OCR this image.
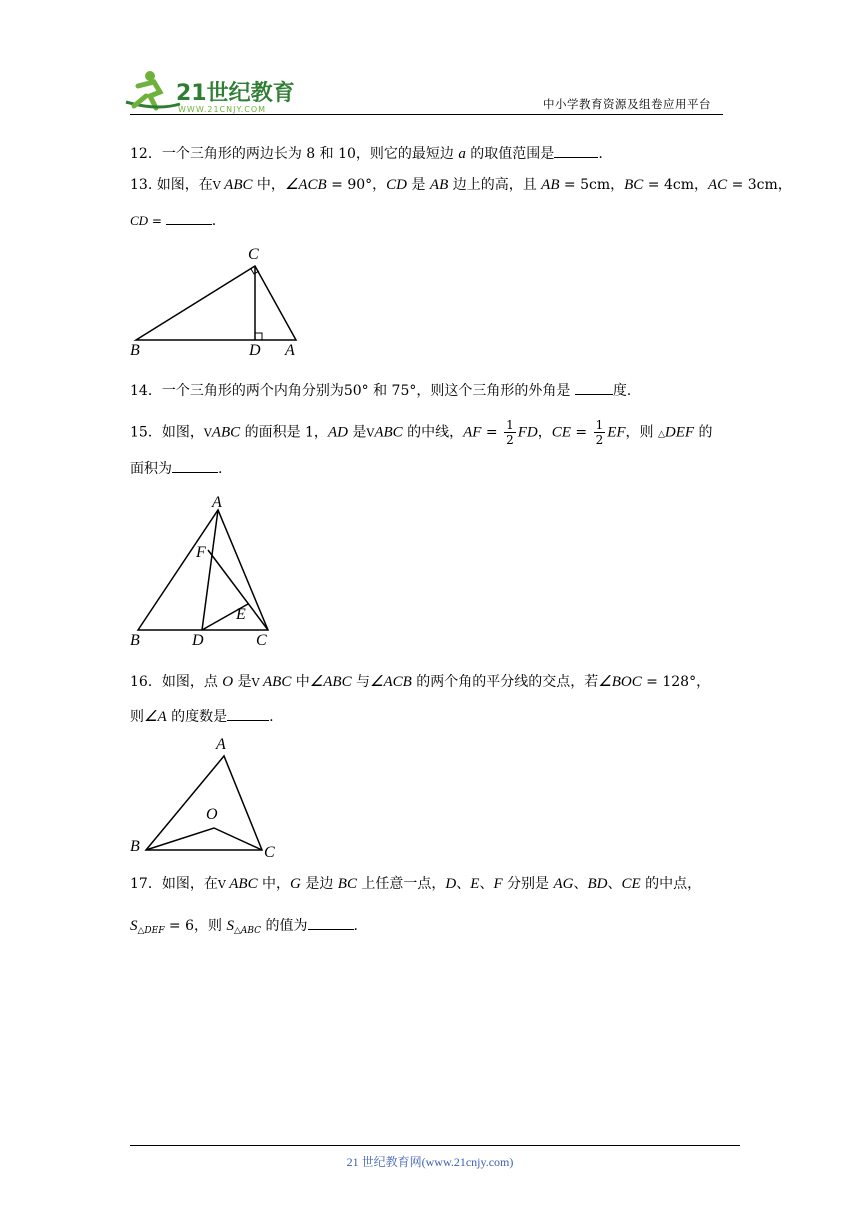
21世纪教育
WWW.21CNJY.COM	中小学教育资源及组卷应用平台
12．一个三角形的两边长为 8 和 10，则它的最短边 a 的取值范围是	.
13. 如图，在V ABC 中，∠ACB = 90°，CD 是 AB 边上的高，且 AB = 5cm，BC = 4cm，AC = 3cm，
CD =	.
C
B	D A
14．一个三角形的两个内角分别为50° 和 75°，则这个三角形的外角是	度.
15．如图，VABC 的面积是 1，AD 是VABC 的中线，AF = $\frac{1}{2}$ FD，CE = $\frac{1}{2}$ EF，则 △DEF 的
面积为	.
A
F
E
B	D	C
16．如图，点 O 是V ABC 中∠ABC 与∠ACB 的两个角的平分线的交点，若∠BOC = 128°，
则∠A 的度数是	.
A
O
B	C
17．如图，在V ABC 中，G 是边 BC 上任意一点，D、E、F 分别是 AG、BD、CE 的中点，
$S_{\triangle DEF} = 6$，则 $S_{\triangle ABC}$ 的值为	.
21 世纪教育网(www.21cnjy.com)
